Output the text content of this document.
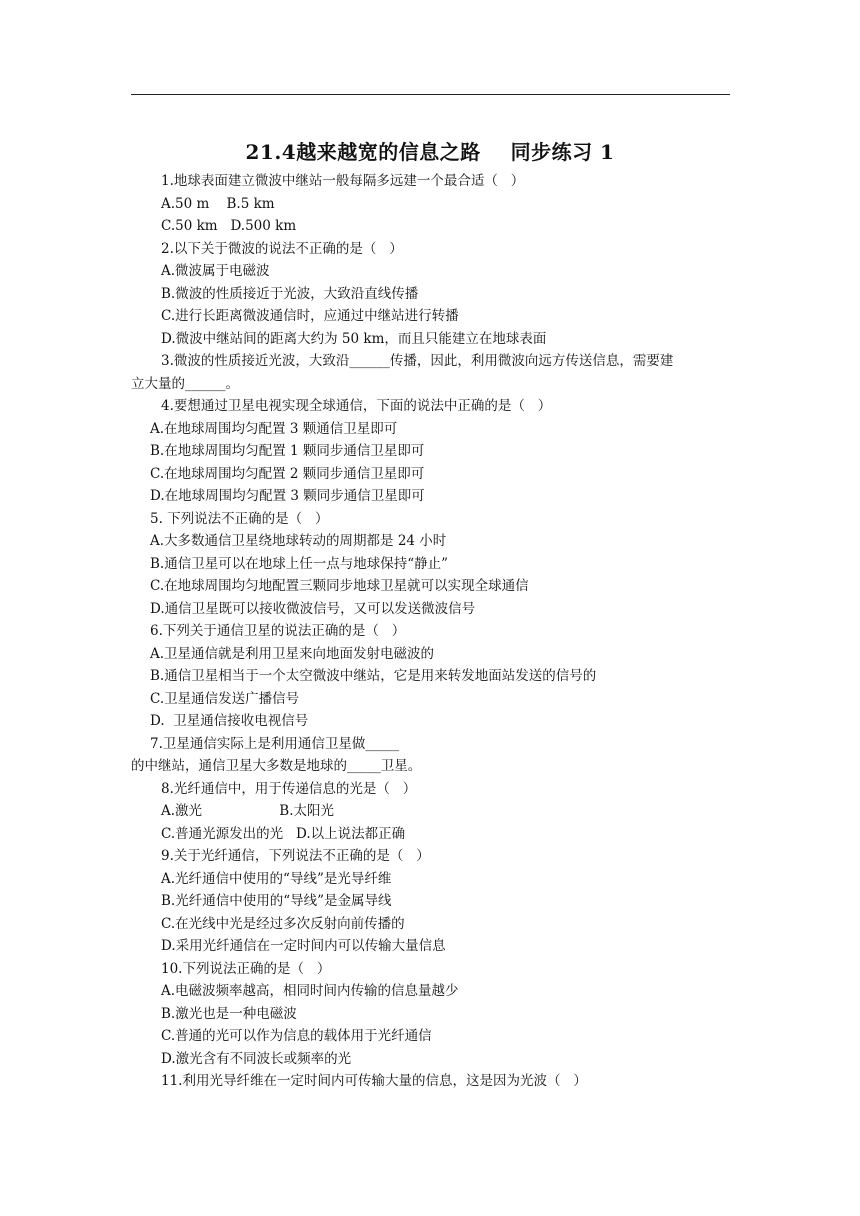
21.4越来越宽的信息之路    同步练习 1
1.地球表面建立微波中继站一般每隔多远建一个最合适（   ）
A.50 m    B.5 km
C.50 km   D.500 km
2.以下关于微波的说法不正确的是（   ）
A.微波属于电磁波
B.微波的性质接近于光波，大致沿直线传播
C.进行长距离微波通信时，应通过中继站进行转播
D.微波中继站间的距离大约为 50 km，而且只能建立在地球表面
3.微波的性质接近光波，大致沿______传播，因此，利用微波向远方传送信息，需要建
立大量的______。
4.要想通过卫星电视实现全球通信，下面的说法中正确的是（   ）
A.在地球周围均匀配置 3 颗通信卫星即可
B.在地球周围均匀配置 1 颗同步通信卫星即可
C.在地球周围均匀配置 2 颗同步通信卫星即可
D.在地球周围均匀配置 3 颗同步通信卫星即可
5. 下列说法不正确的是（   ）
A.大多数通信卫星绕地球转动的周期都是 24 小时
B.通信卫星可以在地球上任一点与地球保持“静止”
C.在地球周围均匀地配置三颗同步地球卫星就可以实现全球通信
D.通信卫星既可以接收微波信号，又可以发送微波信号
6.下列关于通信卫星的说法正确的是（   ）
A.卫星通信就是利用卫星来向地面发射电磁波的
B.通信卫星相当于一个太空微波中继站，它是用来转发地面站发送的信号的
C.卫星通信发送广播信号
D.  卫星通信接收电视信号
7.卫星通信实际上是利用通信卫星做_____
的中继站，通信卫星大多数是地球的_____卫星。
8.光纤通信中，用于传递信息的光是（   ）
A.激光                  B.太阳光
C.普通光源发出的光   D.以上说法都正确
9.关于光纤通信，下列说法不正确的是（   ）
A.光纤通信中使用的“导线”是光导纤维
B.光纤通信中使用的“导线”是金属导线
C.在光线中光是经过多次反射向前传播的
D.采用光纤通信在一定时间内可以传输大量信息
10.下列说法正确的是（   ）
A.电磁波频率越高，相同时间内传输的信息量越少
B.激光也是一种电磁波
C.普通的光可以作为信息的载体用于光纤通信
D.激光含有不同波长或频率的光
11.利用光导纤维在一定时间内可传输大量的信息，这是因为光波（   ）
